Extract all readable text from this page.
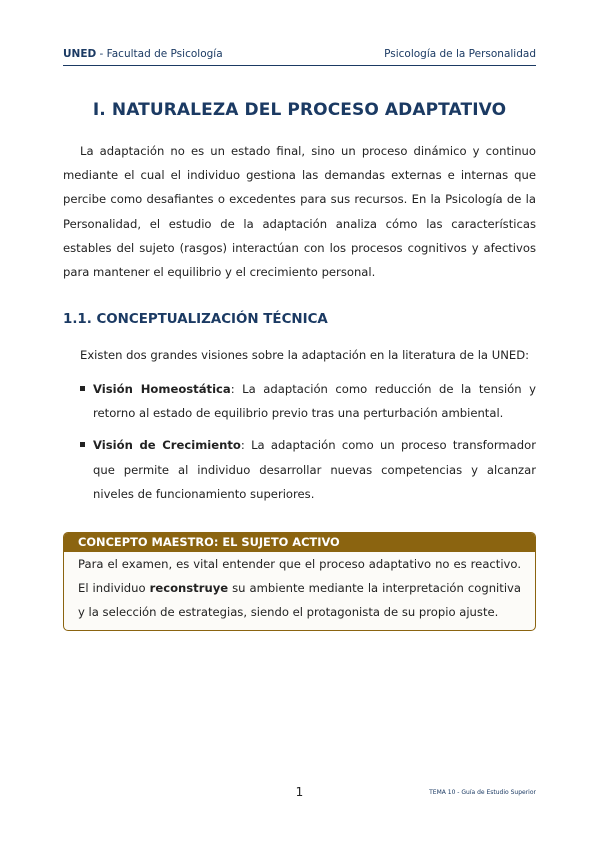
UNED - Facultad de Psicología	Psicología de la Personalidad
I. NATURALEZA DEL PROCESO ADAPTATIVO
La adaptación no es un estado final, sino un proceso dinámico y continuo mediante el cual el individuo gestiona las demandas externas e internas que percibe como desafiantes o excedentes para sus recursos. En la Psicología de la Personalidad, el estudio de la adaptación analiza cómo las características estables del sujeto (rasgos) interactúan con los procesos cognitivos y afectivos para mantener el equilibrio y el crecimiento personal.
1.1. CONCEPTUALIZACIÓN TÉCNICA
Existen dos grandes visiones sobre la adaptación en la literatura de la UNED:
Visión Homeostática: La adaptación como reducción de la tensión y retorno al estado de equilibrio previo tras una perturbación ambiental.
Visión de Crecimiento: La adaptación como un proceso transformador que permite al individuo desarrollar nuevas competencias y alcanzar niveles de funcionamiento superiores.
CONCEPTO MAESTRO: EL SUJETO ACTIVO
Para el examen, es vital entender que el proceso adaptativo no es reactivo. El individuo reconstruye su ambiente mediante la interpretación cognitiva y la selección de estrategias, siendo el protagonista de su propio ajuste.
1	TEMA 10 - Guía de Estudio Superior
